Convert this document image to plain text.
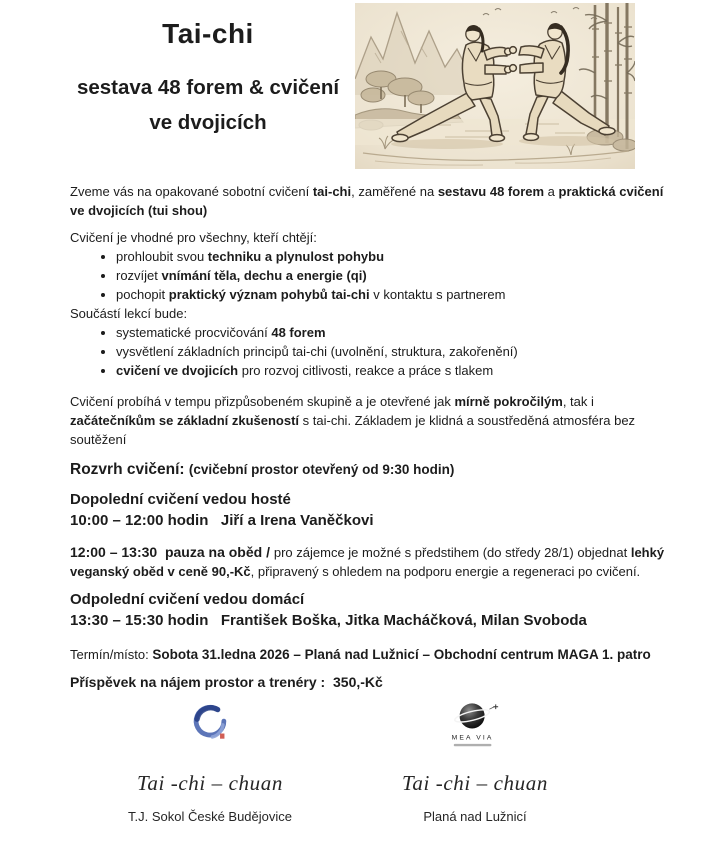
Tai-chi

sestava 48 forem & cvičení

ve dvojicích

Zveme vás na opakované sobotní cvičení tai-chi, zaměřené na sestavu 48 forem a praktická cvičení ve dvojicích (tui shou)

Cvičení je vhodné pro všechny, kteří chtějí:

• prohloubit svou techniku a plynulost pohybu
• rozvíjet vnímání těla, dechu a energie (qi)
• pochopit praktický význam pohybů tai-chi v kontaktu s partnerem

Součástí lekcí bude:

• systematické procvičování 48 forem
• vysvětlení základních principů tai-chi (uvolnění, struktura, zakořenění)
• cvičení ve dvojicích pro rozvoj citlivosti, reakce a práce s tlakem

Cvičení probíhá v tempu přizpůsobeném skupině a je otevřené jak mírně pokročilým, tak i začátečníkům se základní zkušeností s tai-chi. Základem je klidná a soustředěná atmosféra bez soutěžení

Rozvrh cvičení: (cvičební prostor otevřený od 9:30 hodin)

Dopolední cvičení vedou hosté

10:00 – 12:00 hodin   Jiří a Irena Vaněčkovi

12:00 – 13:30  pauza na oběd / pro zájemce je možné s předstihem (do středy 28/1) objednat lehký veganský oběd v ceně 90,-Kč, připravený s ohledem na podporu energie a regeneraci po cvičení.

Odpolední cvičení vedou domácí

13:30 – 15:30 hodin   František Boška, Jitka Macháčková, Milan Svoboda

Termín/místo: Sobota 31.ledna 2026 – Planá nad Lužnicí – Obchodní centrum MAGA 1. patro

Příspěvek na nájem prostor a trenéry :  350,-Kč

Tai -chi – chuan
T.J. Sokol České Budějovice
MEA VIA
Tai -chi – chuan
Planá nad Lužnicí
